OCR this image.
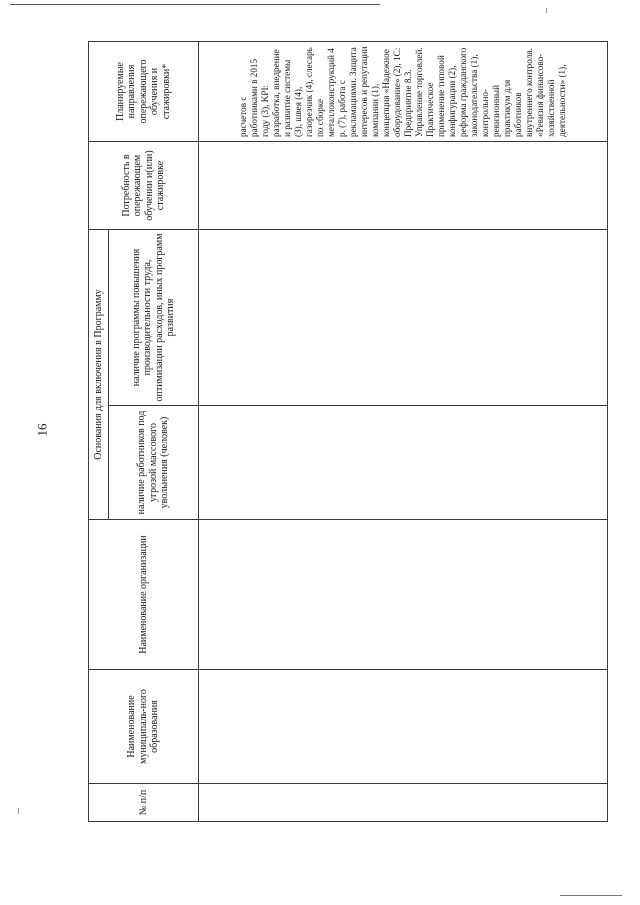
16
№ п/п	Наименование муниципаль-ного образования	Наименование организации	Основания для включения в Программу		Потребность в опережающем обучении и(или) стажировке	Планируемые направления опережающего обучения и стажировки*
			наличие работников под угрозой массового увольнения (человек)	наличие программы повышения производительности труда, оптимизации расходов, иных программ развития		
						расчетов с работниками в 2015 году (3), KPI: разработка, внедрение и развитие системы (3), швея (4), газорезчик (4), слесарь по сборке металлоконструкций 4 р. (7), работа с рекламациями. Защита интересов и репутации компании (1), концепция «Надежное оборудование» (2), 1С: Предприятие 8.3. Управление торговлей. Практическое применение типовой конфигурации (2), реформа гражданского законодательства (1), контрольно-ревизионный практикум для работников внутреннего контроля. «Ревизия финансово-хозяйственной деятельности» (1),
